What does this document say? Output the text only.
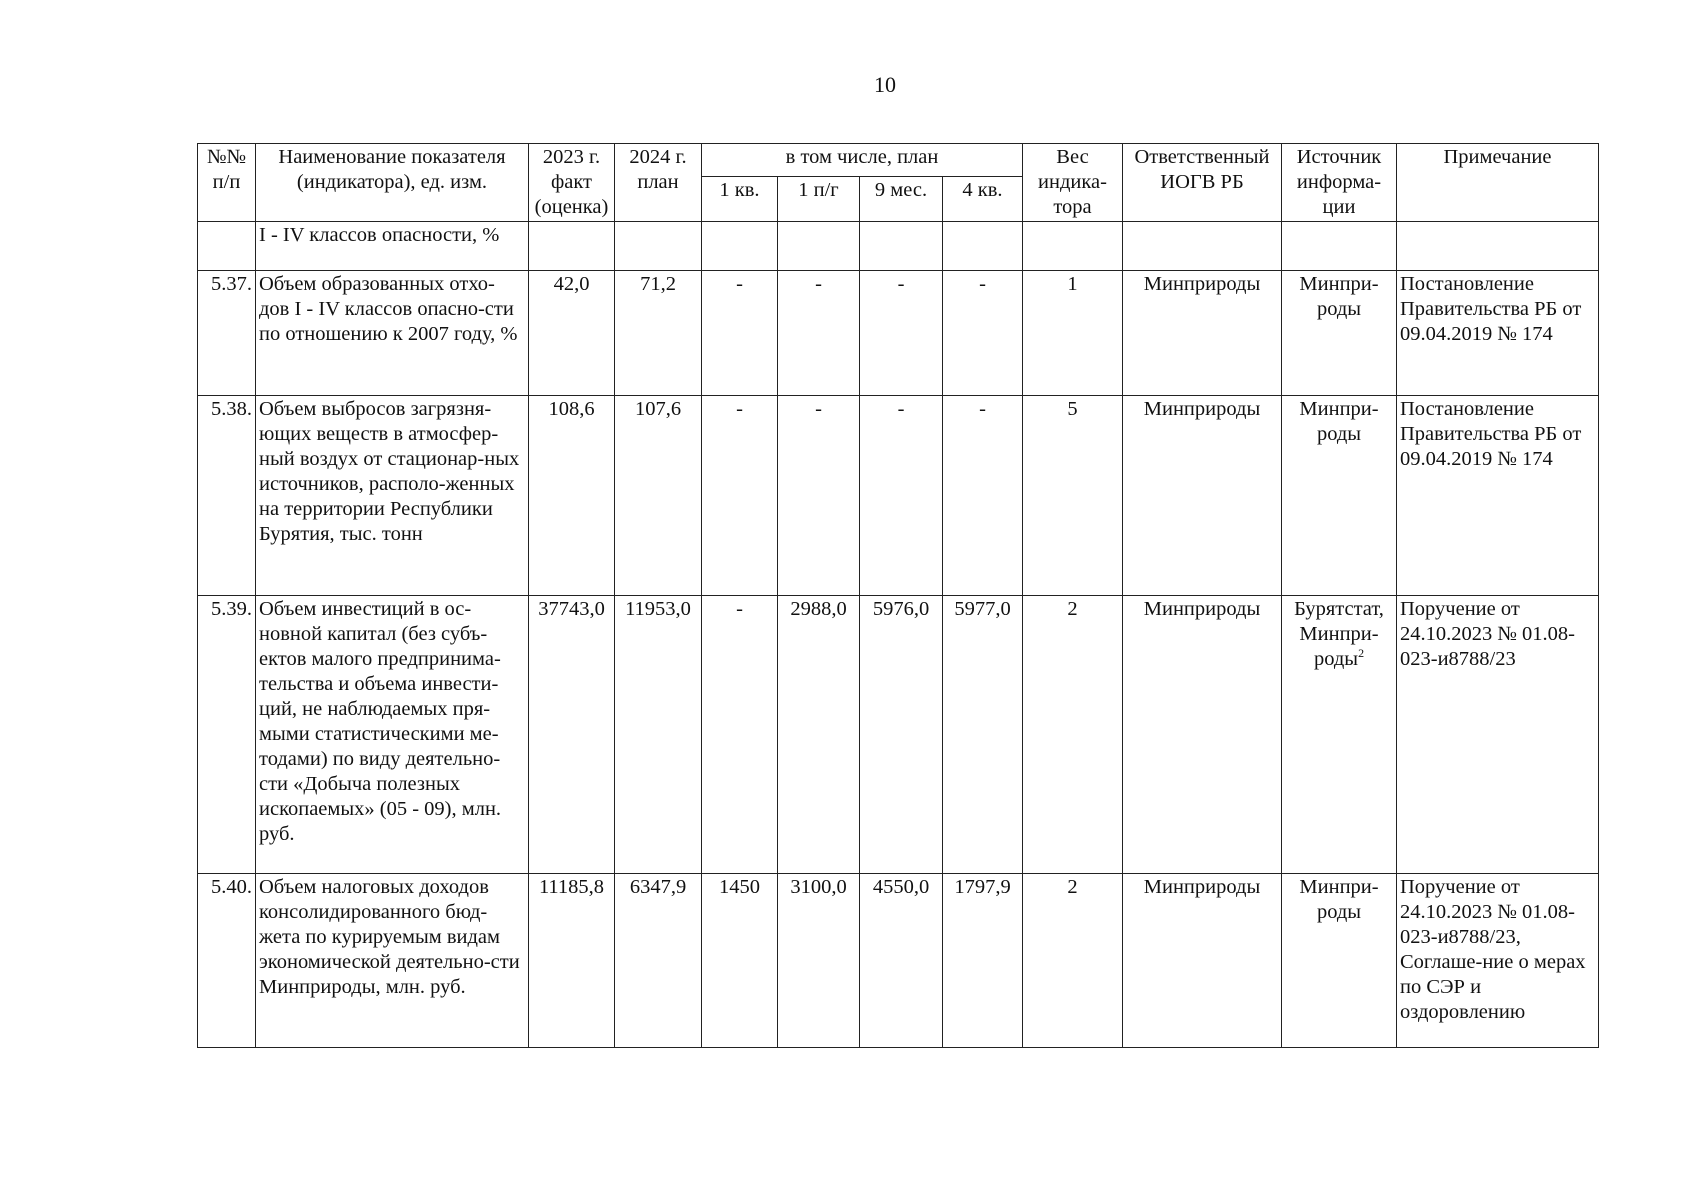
10
№№ п/п	Наименование показателя (индикатора), ед. изм.	2023 г. факт (оценка)	2024 г. план	в том числе, план				Вес индика-тора	Ответственный ИОГВ РБ	Источник информа-ции	Примечание
				1 кв.	1 п/г	9 мес.	4 кв.				
	I - IV классов опасности, %										
5.37.	Объем образованных отхо-дов I - IV классов опасно-сти по отношению к 2007 году, %	42,0	71,2	-	-	-	-	1	Минприроды	Минпри-роды	Постановление Правительства РБ от 09.04.2019 № 174
5.38.	Объем выбросов загрязня-ющих веществ в атмосфер-ный воздух от стационар-ных источников, располо-женных на территории Республики Бурятия, тыс. тонн	108,6	107,6	-	-	-	-	5	Минприроды	Минпри-роды	Постановление Правительства РБ от 09.04.2019 № 174
5.39.	Объем инвестиций в ос-новной капитал (без субъ-ектов малого предпринима-тельства и объема инвести-ций, не наблюдаемых пря-мыми статистическими ме-тодами) по виду деятельно-сти «Добыча полезных ископаемых» (05 - 09), млн. руб.	37743,0	11953,0	-	2988,0	5976,0	5977,0	2	Минприроды	Бурятстат, Минпри-роды$^2$	Поручение от 24.10.2023 № 01.08-023-и8788/23
5.40.	Объем налоговых доходов консолидированного бюд-жета по курируемым видам экономической деятельно-сти Минприроды, млн. руб.	11185,8	6347,9	1450	3100,0	4550,0	1797,9	2	Минприроды	Минпри-роды	Поручение от 24.10.2023 № 01.08-023-и8788/23, Соглаше-ние о мерах по СЭР и оздоровлению
